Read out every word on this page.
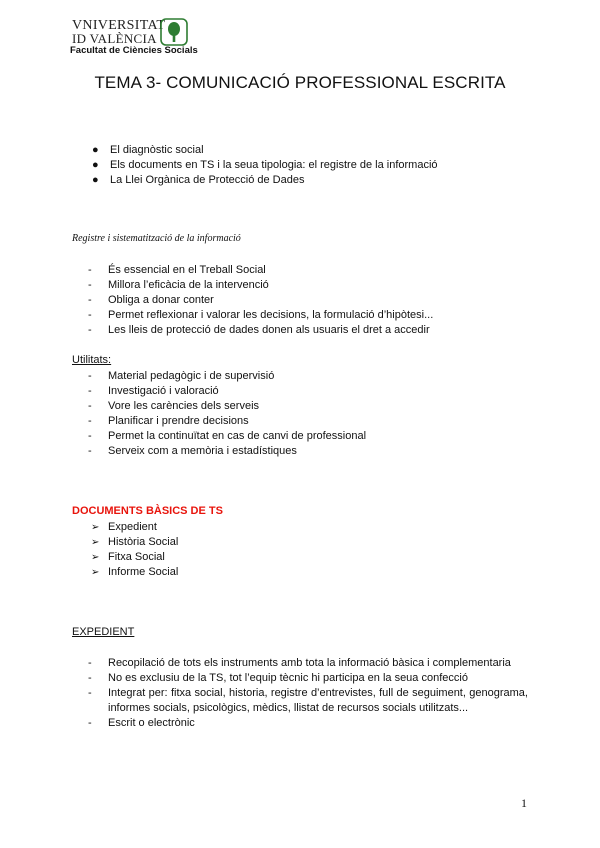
VNIVERSITAT
ID VALÈNCIA
Facultat de Ciències Socials
TEMA 3- COMUNICACIÓ PROFESSIONAL ESCRITA
● El diagnòstic social
● Els documents en TS i la seua tipologia: el registre de la informació
● La Llei Orgànica de Protecció de Dades
Registre i sistematització de la informació
- És essencial en el Treball Social
- Millora l’eficàcia de la intervenció
- Obliga a donar conter
- Permet reflexionar i valorar les decisions, la formulació d’hipòtesi...
- Les lleis de protecció de dades donen als usuaris el dret a accedir
Utilitats:
- Material pedagògic i de supervisió
- Investigació i valoració
- Vore les carències dels serveis
- Planificar i prendre decisions
- Permet la continuïtat en cas de canvi de professional
- Serveix com a memòria i estadístiques
DOCUMENTS BÀSICS DE TS
➢ Expedient
➢ Història Social
➢ Fitxa Social
➢ Informe Social
EXPEDIENT
- Recopilació de tots els instruments amb tota la informació bàsica i complementaria
- No es exclusiu de la TS, tot l’equip tècnic hi participa en la seua confecció
- Integrat per: fitxa social, historia, registre d’entrevistes, full de seguiment, genograma, informes socials, psicològics, mèdics, llistat de recursos socials utilitzats...
- Escrit o electrònic
1
